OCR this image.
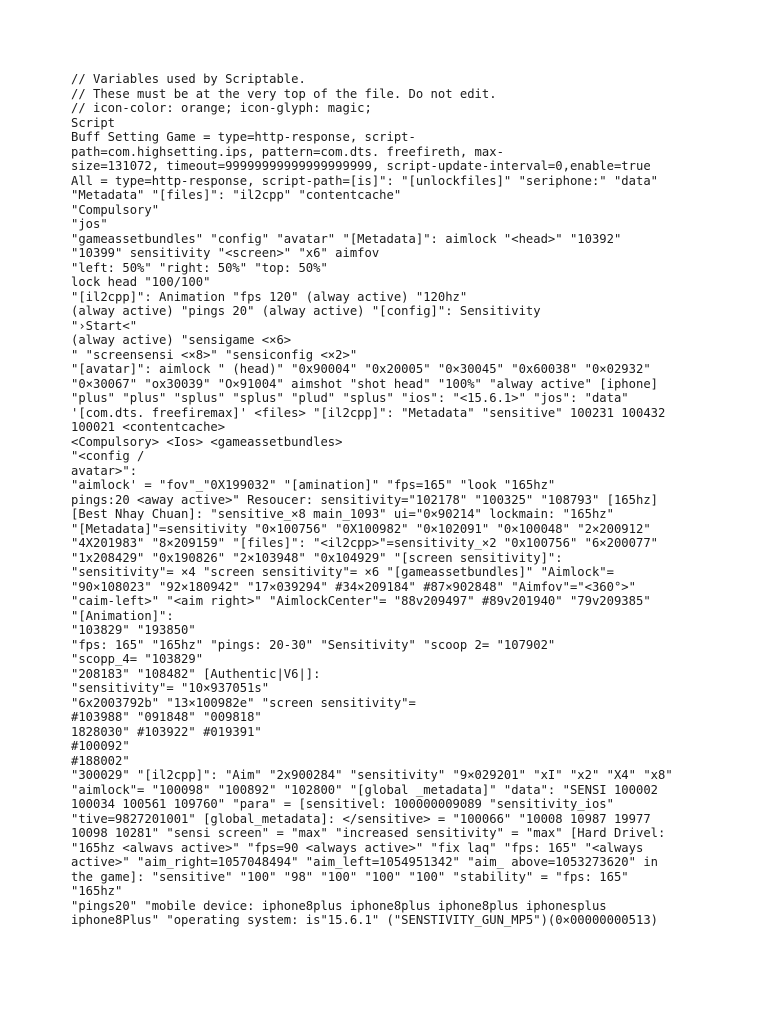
// Variables used by Scriptable.
// These must be at the very top of the file. Do not edit.
// icon-color: orange; icon-glyph: magic;
Script
Buff Setting Game = type=http-response, script-
path=com.highsetting.ips, pattern=com.dts. freefireth, max-
size=131072, timeout=99999999999999999999, script-update-interval=0,enable=true
All = type=http-response, script-path=[is]": "[unlockfiles]" "seriphone:" "data"
"Metadata" "[files]": "il2cpp" "contentcache"
"Compulsory"
"jos"
"gameassetbundles" "config" "avatar" "[Metadata]": aimlock "<head>" "10392"
"10399" sensitivity "<screen>" "x6" aimfov
"left: 50%" "right: 50%" "top: 50%"
lock head "100/100"
"[il2cpp]": Animation "fps 120" (alway active) "120hz"
(alway active) "pings 20" (alway active) "[config]": Sensitivity
"›Start<"
(alway active) "sensigame <×6>
" "screensensi <×8>" "sensiconfig <×2>"
"[avatar]": aimlock " (head)" "0x90004" "0x20005" "0×30045" "0x60038" "0×02932"
"0×30067" "ox30039" "O×91004" aimshot "shot head" "100%" "alway active" [iphone]
"plus" "plus" "splus" "splus" "plud" "splus" "ios": "<15.6.1>" "jos": "data"
'[com.dts. freefiremax]' <files> "[il2cpp]": "Metadata" "sensitive" 100231 100432
100021 <contentcache>
<Compulsory> <Ios> <gameassetbundles>
"<config /
avatar>":
"aimlock' = "fov"_"0X199032" "[amination]" "fps=165" "look "165hz"
pings:20 <away active>" Resoucer: sensitivity="102178" "100325" "108793" [165hz]
[Best Nhay Chuan]: "sensitive_×8 main_1093" ui="0×90214" lockmain: "165hz"
"[Metadata]"=sensitivity "0×100756" "0X100982" "0×102091" "0×100048" "2×200912"
"4X201983" "8×209159" "[files]": "<il2cpp>"=sensitivity_×2 "0x100756" "6×200077"
"1x208429" "0x190826" "2×103948" "0x104929" "[screen sensitivity]":
"sensitivity"= ×4 "screen sensitivity"= ×6 "[gameassetbundles]" "Aimlock"=
"90×108023" "92×180942" "17×039294" #34×209184" #87×902848" "Aimfov"="<360°>"
"caim-left>" "<aim right>" "AimlockCenter"= "88v209497" #89v201940" "79v209385"
"[Animation]":
"103829" "193850"
"fps: 165" "165hz" "pings: 20-30" "Sensitivity" "scoop 2= "107902"
"scopp_4= "103829"
"208183" "108482" [Authentic|V6|]:
"sensitivity"= "10×937051s"
"6x2003792b" "13×100982e" "screen sensitivity"=
#103988" "091848" "009818"
1828030" #103922" #019391"
#100092"
#188002"
"300029" "[il2cpp]": "Aim" "2x900284" "sensitivity" "9×029201" "xI" "x2" "X4" "x8"
"aimlock"= "100098" "100892" "102800" "[global _metadata]" "data": "SENSI 100002
100034 100561 109760" "para" = [sensitivel: 100000009089 "sensitivity_ios"
"tive=9827201001" [global_metadata]: </sensitive> = "100066" "10008 10987 19977
10098 10281" "sensi screen" = "max" "increased sensitivity" = "max" [Hard Drivel:
"165hz <alwavs active>" "fps=90 <always active>" "fix laq" "fps: 165" "<always
active>" "aim_right=1057048494" "aim_left=1054951342" "aim_ above=1053273620" in
the game]: "sensitive" "100" "98" "100" "100" "100" "stability" = "fps: 165"
"165hz"
"pings20" "mobile device: iphone8plus iphone8plus iphone8plus iphonesplus
iphone8Plus" "operating system: is"15.6.1" ("SENSTIVITY_GUN_MP5")(0×00000000513)
